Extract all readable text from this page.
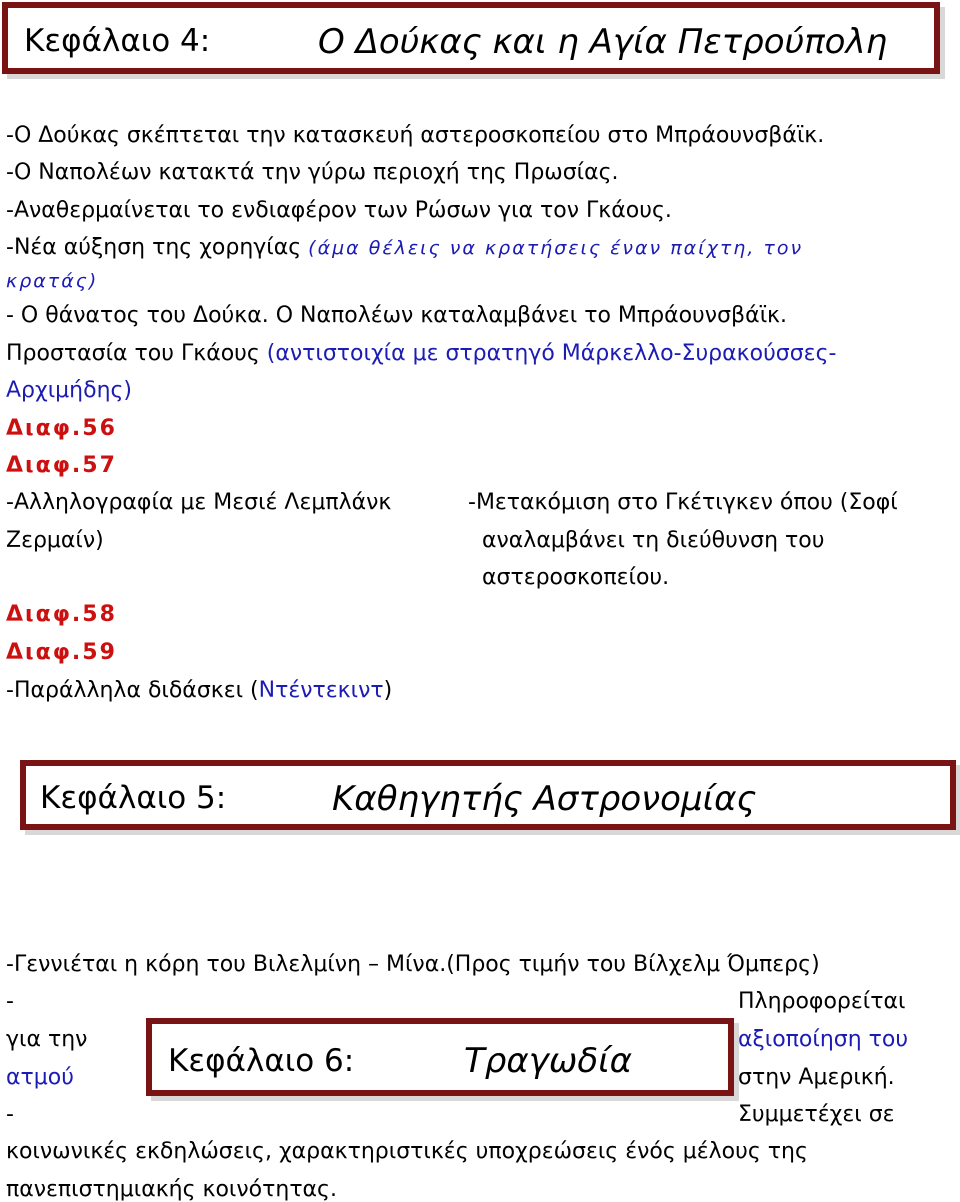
Κεφάλαιο 4:	Ο Δούκας και η Αγία Πετρούπολη
-Ο Δούκας σκέπτεται την κατασκευή αστεροσκοπείου στο Μπράουνσβάϊκ.
-Ο Ναπολέων κατακτά την γύρω περιοχή της Πρωσίας.
-Αναθερμαίνεται το ενδιαφέρον των Ρώσων για τον Γκάους.
-Νέα αύξηση της χορηγίας (άμα θέλεις να κρατήσεις έναν παίχτη, τον
κρατάς)
- Ο θάνατος του Δούκα. Ο Ναπολέων καταλαμβάνει το Μπράουνσβάϊκ.
Προστασία του Γκάους (αντιστοιχία με στρατηγό Μάρκελλο-Συρακούσσες-
Αρχιμήδης)
Διαφ.56
Διαφ.57
-Αλληλογραφία με Μεσιέ Λεμπλάνκ
Ζερμαίν)
-Μετακόμιση στο Γκέτιγκεν όπου (Σοφί
αναλαμβάνει τη διεύθυνση του
αστεροσκοπείου.
Διαφ.58
Διαφ.59
-Παράλληλα διδάσκει (Ντέντεκιντ)
Κεφάλαιο 5:	Καθηγητής Αστρονομίας
-Γεννιέται η κόρη του Βιλελμίνη – Μίνα.(Προς τιμήν του Βίλχελμ Όμπερς)
-	Πληροφορείται
για την	αξιοποίηση του
ατμού	στην Αμερική.
-	Συμμετέχει σε
κοινωνικές εκδηλώσεις, χαρακτηριστικές υποχρεώσεις ένός μέλους της
πανεπιστημιακής κοινότητας.
Κεφάλαιο 6:	Τραγωδία
